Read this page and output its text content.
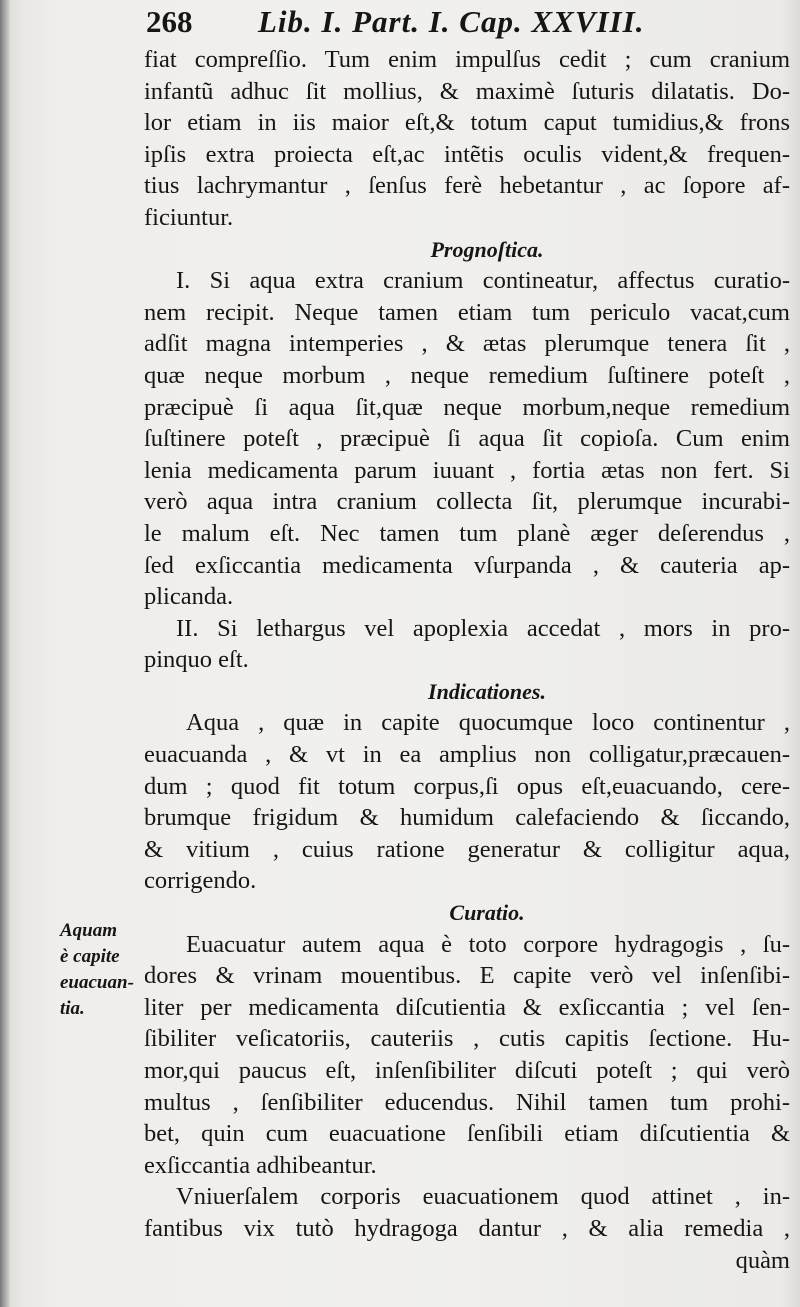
268 Lib. I. Part. I. Cap. XXVIII.
Aquam
è capite
euacuan-
tia.
fiat compreſſio. Tum enim impulſus cedit ; cum cranium
infantũ adhuc ſit mollius, & maximè ſuturis dilatatis. Do-
lor etiam in iis maior eſt,& totum caput tumidius,& frons
ipſis extra proiecta eſt,ac intẽtis oculis vident,& frequen-
tius lachrymantur , ſenſus ferè hebetantur , ac ſopore af-
ficiuntur.
Prognoſtica.
I. Si aqua extra cranium contineatur, affectus curatio-
nem recipit. Neque tamen etiam tum periculo vacat,cum
adſit magna intemperies , & ætas plerumque tenera ſit ,
quæ neque morbum , neque remedium ſuſtinere poteſt ,
præcipuè ſi aqua ſit,quæ neque morbum,neque remedium
ſuſtinere poteſt , præcipuè ſi aqua ſit copioſa. Cum enim
lenia medicamenta parum iuuant , fortia ætas non fert. Si
verò aqua intra cranium collecta ſit, plerumque incurabi-
le malum eſt. Nec tamen tum planè æger deſerendus ,
ſed exſiccantia medicamenta vſurpanda , & cauteria ap-
plicanda.
II. Si lethargus vel apoplexia accedat , mors in pro-
pinquo eſt.
Indicationes.
Aqua , quæ in capite quocumque loco continentur ,
euacuanda , & vt in ea amplius non colligatur,præcauen-
dum ; quod fit totum corpus,ſi opus eſt,euacuando, cere-
brumque frigidum & humidum calefaciendo & ſiccando,
& vitium , cuius ratione generatur & colligitur aqua,
corrigendo.
Curatio.
Euacuatur autem aqua è toto corpore hydragogis , ſu-
dores & vrinam mouentibus. E capite verò vel inſenſibi-
liter per medicamenta diſcutientia & exſiccantia ; vel ſen-
ſibiliter veſicatoriis, cauteriis , cutis capitis ſectione. Hu-
mor,qui paucus eſt, inſenſibiliter diſcuti poteſt ; qui verò
multus , ſenſibiliter educendus. Nihil tamen tum prohi-
bet, quin cum euacuatione ſenſibili etiam diſcutientia &
exſiccantia adhibeantur.
Vniuerſalem corporis euacuationem quod attinet , in-
fantibus vix tutò hydragoga dantur , & alia remedia ,
quàm
